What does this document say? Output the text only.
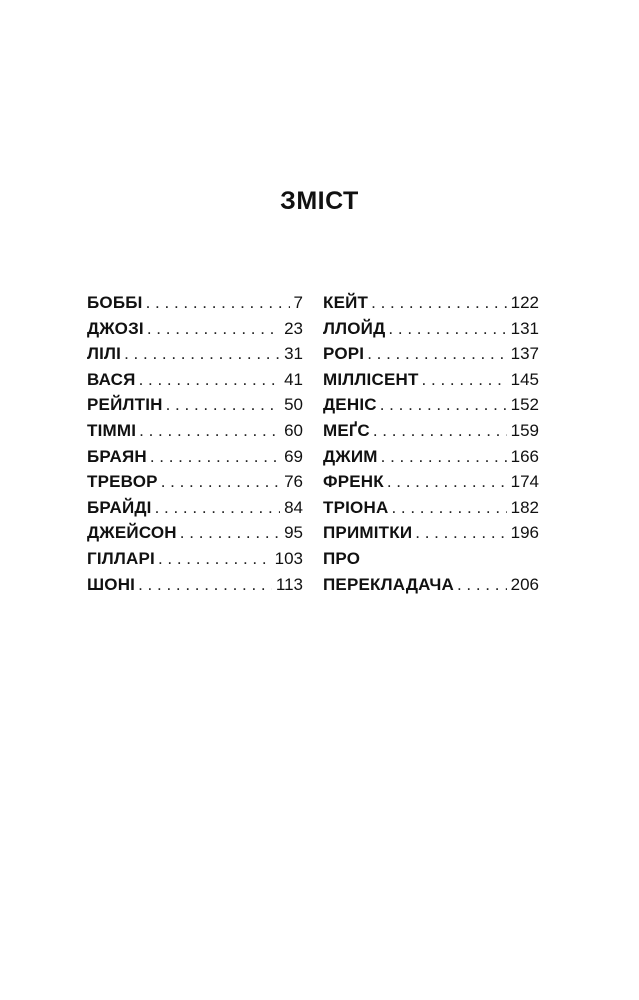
ЗМІСТ
БОББІ . . .	7
ДЖОЗІ . . .	23
ЛІЛІ . . .	31
ВАСЯ . . .	41
РЕЙЛТІН . . .	50
ТІММІ . . .	60
БРАЯН . . .	69
ТРЕВОР . . .	76
БРАЙДІ . . .	84
ДЖЕЙСОН . . .	95
ГІЛЛАРІ . . .	103
ШОНІ . . .	113
КЕЙТ . . .	122
ЛЛОЙД . . .	131
РОРІ . . .	137
МІЛЛІСЕНТ . . .	145
ДЕНІС . . .	152
МЕҐС . . .	159
ДЖИМ . . .	166
ФРЕНК . . .	174
ТРІОНА . . .	182
ПРИМІТКИ . . .	196
ПРО
ПЕРЕКЛАДАЧА . . .	206
